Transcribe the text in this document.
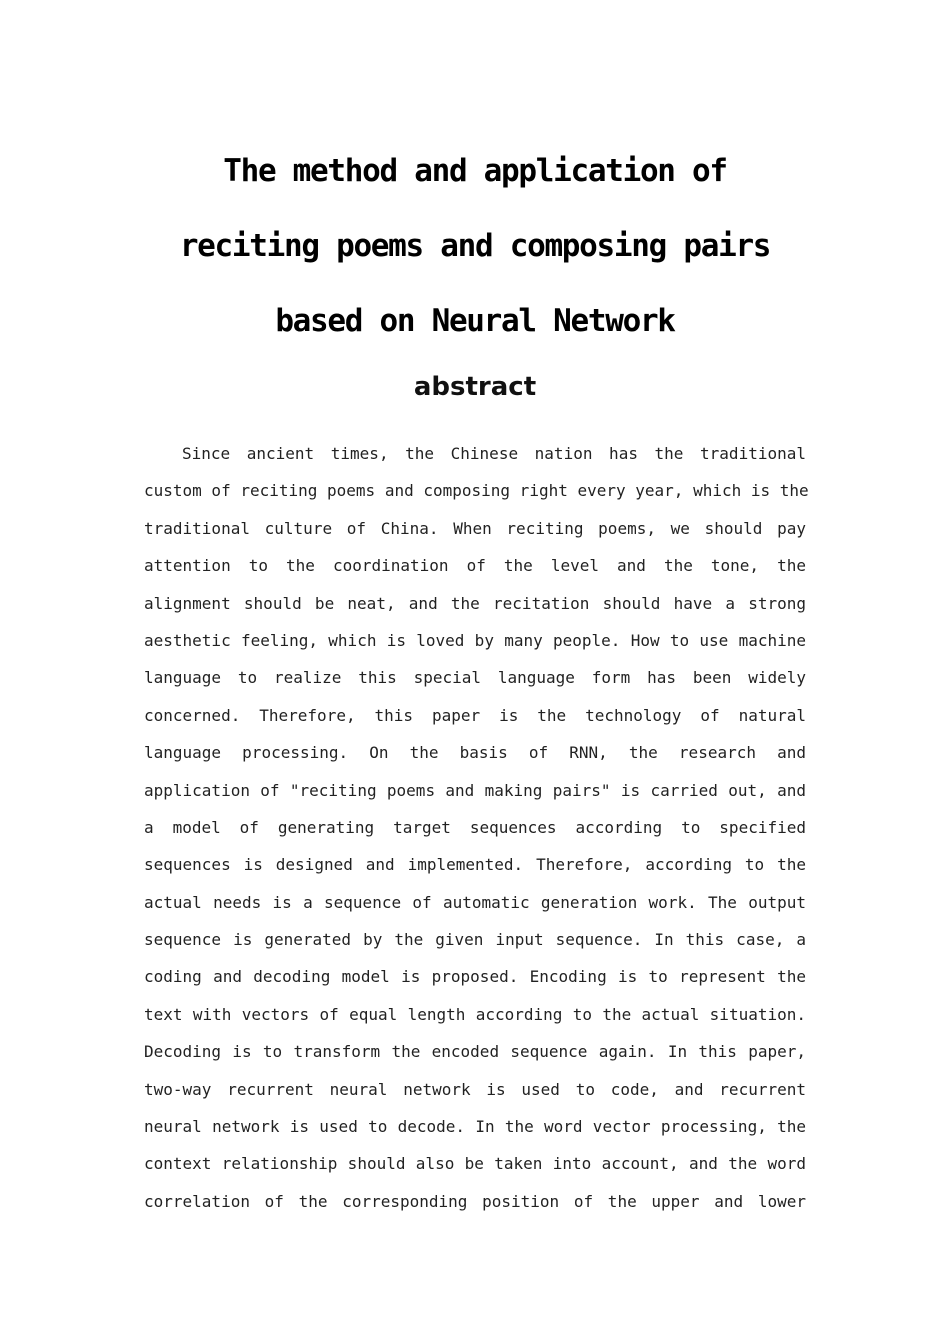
The method and application of
reciting poems and composing pairs
based on Neural Network
abstract
Since ancient times, the Chinese nation has the traditional
custom of reciting poems and composing right every year, which is the
traditional culture of China. When reciting poems, we should pay
attention to the coordination of the level and the tone, the
alignment should be neat, and the recitation should have a strong
aesthetic feeling, which is loved by many people. How to use machine
language to realize this special language form has been widely
concerned. Therefore, this paper is the technology of natural
language processing. On the basis of RNN, the research and
application of "reciting poems and making pairs" is carried out, and
a model of generating target sequences according to specified
sequences is designed and implemented. Therefore, according to the
actual needs is a sequence of automatic generation work. The output
sequence is generated by the given input sequence. In this case, a
coding and decoding model is proposed. Encoding is to represent the
text with vectors of equal length according to the actual situation.
Decoding is to transform the encoded sequence again. In this paper,
two-way recurrent neural network is used to code, and recurrent
neural network is used to decode. In the word vector processing, the
context relationship should also be taken into account, and the word
correlation of the corresponding position of the upper and lower
